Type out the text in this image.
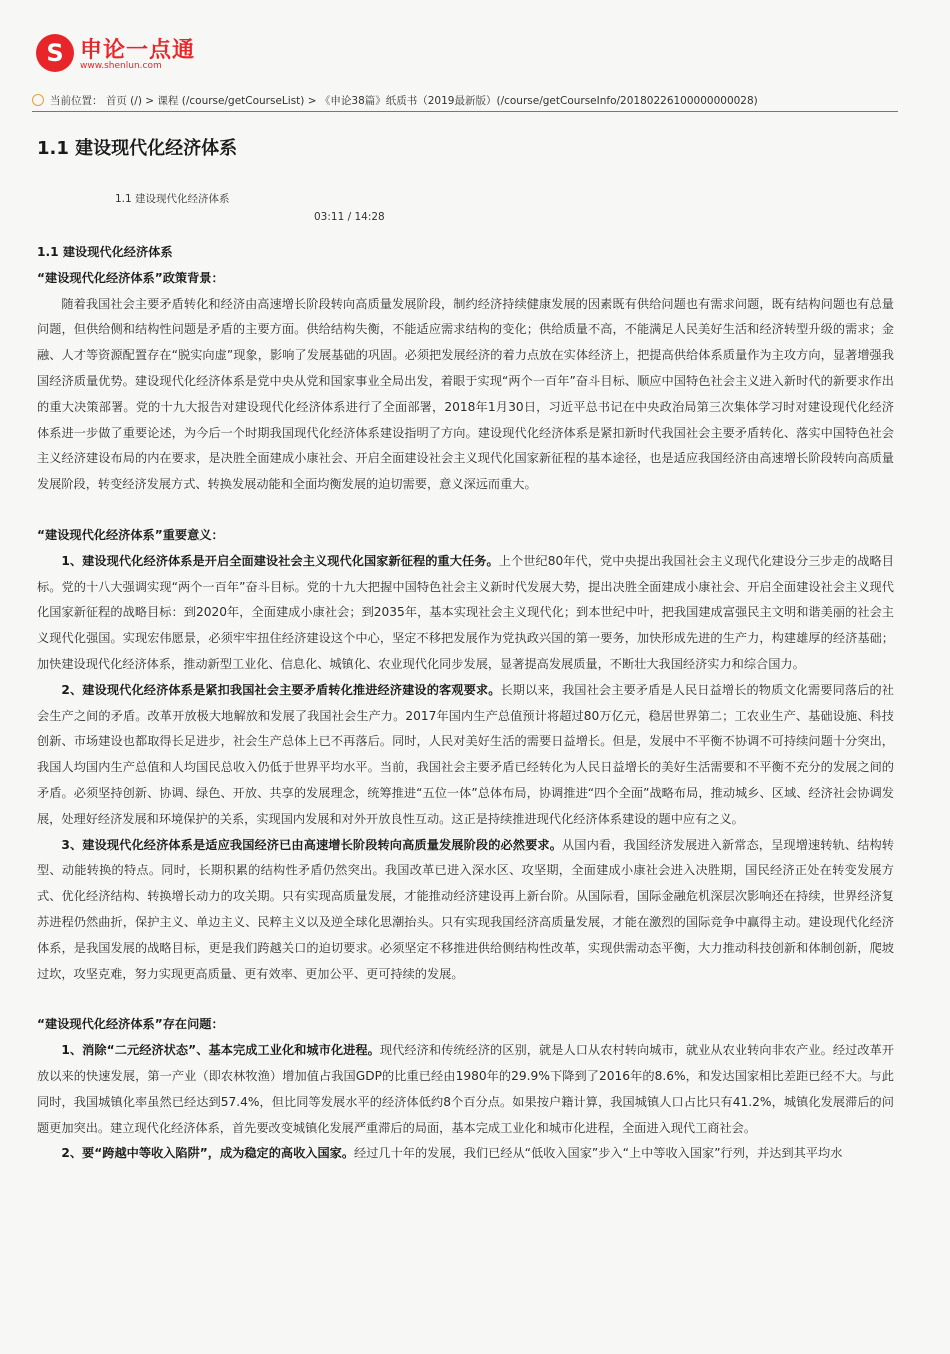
S 申论一点通
www.shenlun.com
当前位置： 首页 (/) > 课程 (/course/getCourseList) > 《申论38篇》纸质书（2019最新版）(/course/getCourseInfo/20180226100000000028)
1.1 建设现代化经济体系
1.1 建设现代化经济体系
03:11 / 14:28

1.1 建设现代化经济体系

“建设现代化经济体系”政策背景：

随着我国社会主要矛盾转化和经济由高速增长阶段转向高质量发展阶段，制约经济持续健康发展的因素既有供给问题也有需求问题，既有结构问题也有总量问题，但供给侧和结构性问题是矛盾的主要方面。供给结构失衡，不能适应需求结构的变化；供给质量不高，不能满足人民美好生活和经济转型升级的需求；金融、人才等资源配置存在“脱实向虚”现象，影响了发展基础的巩固。必须把发展经济的着力点放在实体经济上，把提高供给体系质量作为主攻方向，显著增强我国经济质量优势。建设现代化经济体系是党中央从党和国家事业全局出发，着眼于实现“两个一百年”奋斗目标、顺应中国特色社会主义进入新时代的新要求作出的重大决策部署。党的十九大报告对建设现代化经济体系进行了全面部署，2018年1月30日，习近平总书记在中央政治局第三次集体学习时对建设现代化经济体系进一步做了重要论述，为今后一个时期我国现代化经济体系建设指明了方向。建设现代化经济体系是紧扣新时代我国社会主要矛盾转化、落实中国特色社会主义经济建设布局的内在要求，是决胜全面建成小康社会、开启全面建设社会主义现代化国家新征程的基本途径，也是适应我国经济由高速增长阶段转向高质量发展阶段，转变经济发展方式、转换发展动能和全面均衡发展的迫切需要，意义深远而重大。

“建设现代化经济体系”重要意义：

1、建设现代化经济体系是开启全面建设社会主义现代化国家新征程的重大任务。上个世纪80年代，党中央提出我国社会主义现代化建设分三步走的战略目标。党的十八大强调实现“两个一百年”奋斗目标。党的十九大把握中国特色社会主义新时代发展大势，提出决胜全面建成小康社会、开启全面建设社会主义现代化国家新征程的战略目标：到2020年，全面建成小康社会；到2035年，基本实现社会主义现代化；到本世纪中叶，把我国建成富强民主文明和谐美丽的社会主义现代化强国。实现宏伟愿景，必须牢牢扭住经济建设这个中心，坚定不移把发展作为党执政兴国的第一要务，加快形成先进的生产力，构建雄厚的经济基础；加快建设现代化经济体系，推动新型工业化、信息化、城镇化、农业现代化同步发展，显著提高发展质量，不断壮大我国经济实力和综合国力。

2、建设现代化经济体系是紧扣我国社会主要矛盾转化推进经济建设的客观要求。长期以来，我国社会主要矛盾是人民日益增长的物质文化需要同落后的社会生产之间的矛盾。改革开放极大地解放和发展了我国社会生产力。2017年国内生产总值预计将超过80万亿元，稳居世界第二；工农业生产、基础设施、科技创新、市场建设也都取得长足进步，社会生产总体上已不再落后。同时，人民对美好生活的需要日益增长。但是，发展中不平衡不协调不可持续问题十分突出，我国人均国内生产总值和人均国民总收入仍低于世界平均水平。当前，我国社会主要矛盾已经转化为人民日益增长的美好生活需要和不平衡不充分的发展之间的矛盾。必须坚持创新、协调、绿色、开放、共享的发展理念，统筹推进“五位一体”总体布局，协调推进“四个全面”战略布局，推动城乡、区域、经济社会协调发展，处理好经济发展和环境保护的关系，实现国内发展和对外开放良性互动。这正是持续推进现代化经济体系建设的题中应有之义。

3、建设现代化经济体系是适应我国经济已由高速增长阶段转向高质量发展阶段的必然要求。从国内看，我国经济发展进入新常态，呈现增速转轨、结构转型、动能转换的特点。同时，长期积累的结构性矛盾仍然突出。我国改革已进入深水区、攻坚期，全面建成小康社会进入决胜期，国民经济正处在转变发展方式、优化经济结构、转换增长动力的攻关期。只有实现高质量发展，才能推动经济建设再上新台阶。从国际看，国际金融危机深层次影响还在持续，世界经济复苏进程仍然曲折，保护主义、单边主义、民粹主义以及逆全球化思潮抬头。只有实现我国经济高质量发展，才能在激烈的国际竞争中赢得主动。建设现代化经济体系，是我国发展的战略目标，更是我们跨越关口的迫切要求。必须坚定不移推进供给侧结构性改革，实现供需动态平衡，大力推动科技创新和体制创新，爬坡过坎，攻坚克难，努力实现更高质量、更有效率、更加公平、更可持续的发展。

“建设现代化经济体系”存在问题：

1、消除“二元经济状态”、基本完成工业化和城市化进程。现代经济和传统经济的区别，就是人口从农村转向城市，就业从农业转向非农产业。经过改革开放以来的快速发展，第一产业（即农林牧渔）增加值占我国GDP的比重已经由1980年的29.9%下降到了2016年的8.6%，和发达国家相比差距已经不大。与此同时，我国城镇化率虽然已经达到57.4%，但比同等发展水平的经济体低约8个百分点。如果按户籍计算，我国城镇人口占比只有41.2%，城镇化发展滞后的问题更加突出。建立现代化经济体系，首先要改变城镇化发展严重滞后的局面，基本完成工业化和城市化进程，全面进入现代工商社会。

2、要“跨越中等收入陷阱”，成为稳定的高收入国家。经过几十年的发展，我们已经从“低收入国家”步入“上中等收入国家”行列，并达到其平均水
